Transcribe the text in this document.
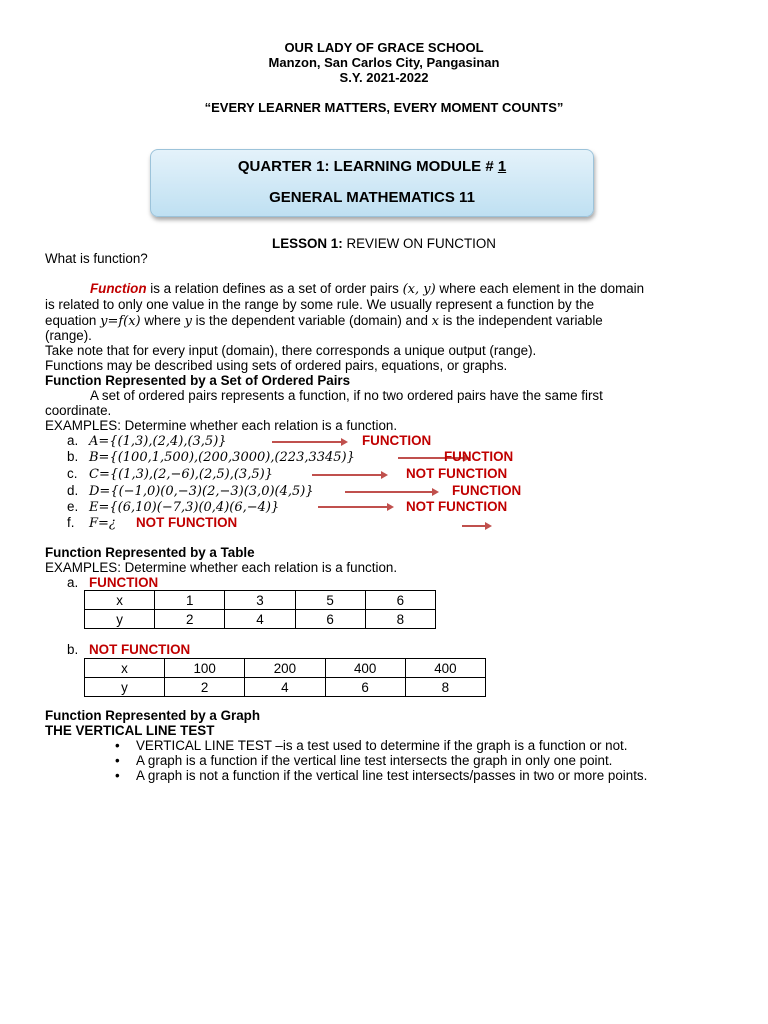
OUR LADY OF GRACE SCHOOL
Manzon, San Carlos City, Pangasinan
S.Y. 2021-2022
“EVERY LEARNER MATTERS, EVERY MOMENT COUNTS”
QUARTER 1: LEARNING MODULE # 1
GENERAL MATHEMATICS 11
LESSON 1: REVIEW ON FUNCTION
What is function?
Function is a relation defines as a set of order pairs (x, y) where each element in the domain
is related to only one value in the range by some rule. We usually represent a function by the
equation y=f(x) where y is the dependent variable (domain) and x is the independent variable
(range).
Take note that for every input (domain), there corresponds a unique output (range).
Functions may be described using sets of ordered pairs, equations, or graphs.
Function Represented by a Set of Ordered Pairs
A set of ordered pairs represents a function, if no two ordered pairs have the same first
coordinate.
EXAMPLES: Determine whether each relation is a function.
a. A={(1,3),(2,4),(3,5)}	FUNCTION
b. B={(100,1,500),(200,3000),(223,3345)}	FUNCTION
c. C={(1,3),(2,−6),(2,5),(3,5)}	NOT FUNCTION
d. D={(−1,0)(0,−3)(2,−3)(3,0)(4,5)}	FUNCTION
e. E={(6,10)(−7,3)(0,4)(6,−4)}	NOT FUNCTION
f. F=¿ NOT FUNCTION
Function Represented by a Table
EXAMPLES: Determine whether each relation is a function.
a. FUNCTION
x	1	3	5	6
y	2	4	6	8
b. NOT FUNCTION
x	100	200	400	400
y	2	4	6	8
Function Represented by a Graph
THE VERTICAL LINE TEST
• VERTICAL LINE TEST –is a test used to determine if the graph is a function or not.
• A graph is a function if the vertical line test intersects the graph in only one point.
• A graph is not a function if the vertical line test intersects/passes in two or more points.
